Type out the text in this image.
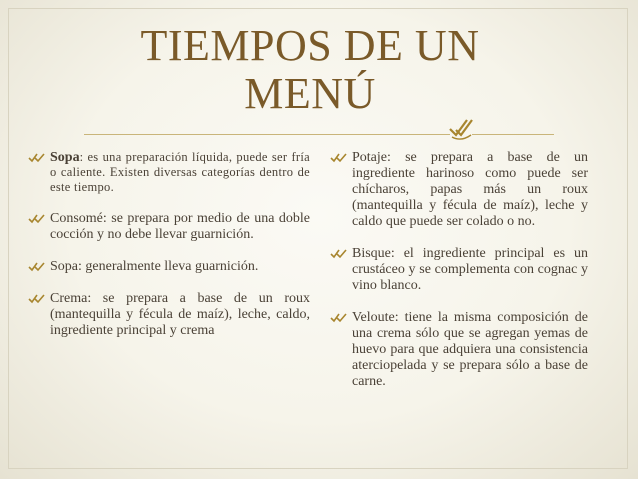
TIEMPOS DE UN
MENÚ
Sopa: es una preparación líquida, puede ser fría o caliente. Existen diversas categorías dentro de este tiempo.
Consomé: se prepara por medio de una doble cocción y no debe llevar guarnición.
Sopa: generalmente lleva guarnición.
Crema: se prepara a base de un roux (mantequilla y fécula de maíz), leche, caldo, ingrediente principal y crema
Potaje: se prepara a base de un ingrediente harinoso como puede ser chícharos, papas más un roux (mantequilla y fécula de maíz), leche y caldo que puede ser colado o no.
Bisque: el ingrediente principal es un crustáceo y se complementa con cognac y vino blanco.
Veloute: tiene la misma composición de una crema sólo que se agregan yemas de huevo para que adquiera una consistencia aterciopelada y se prepara sólo a base de carne.
